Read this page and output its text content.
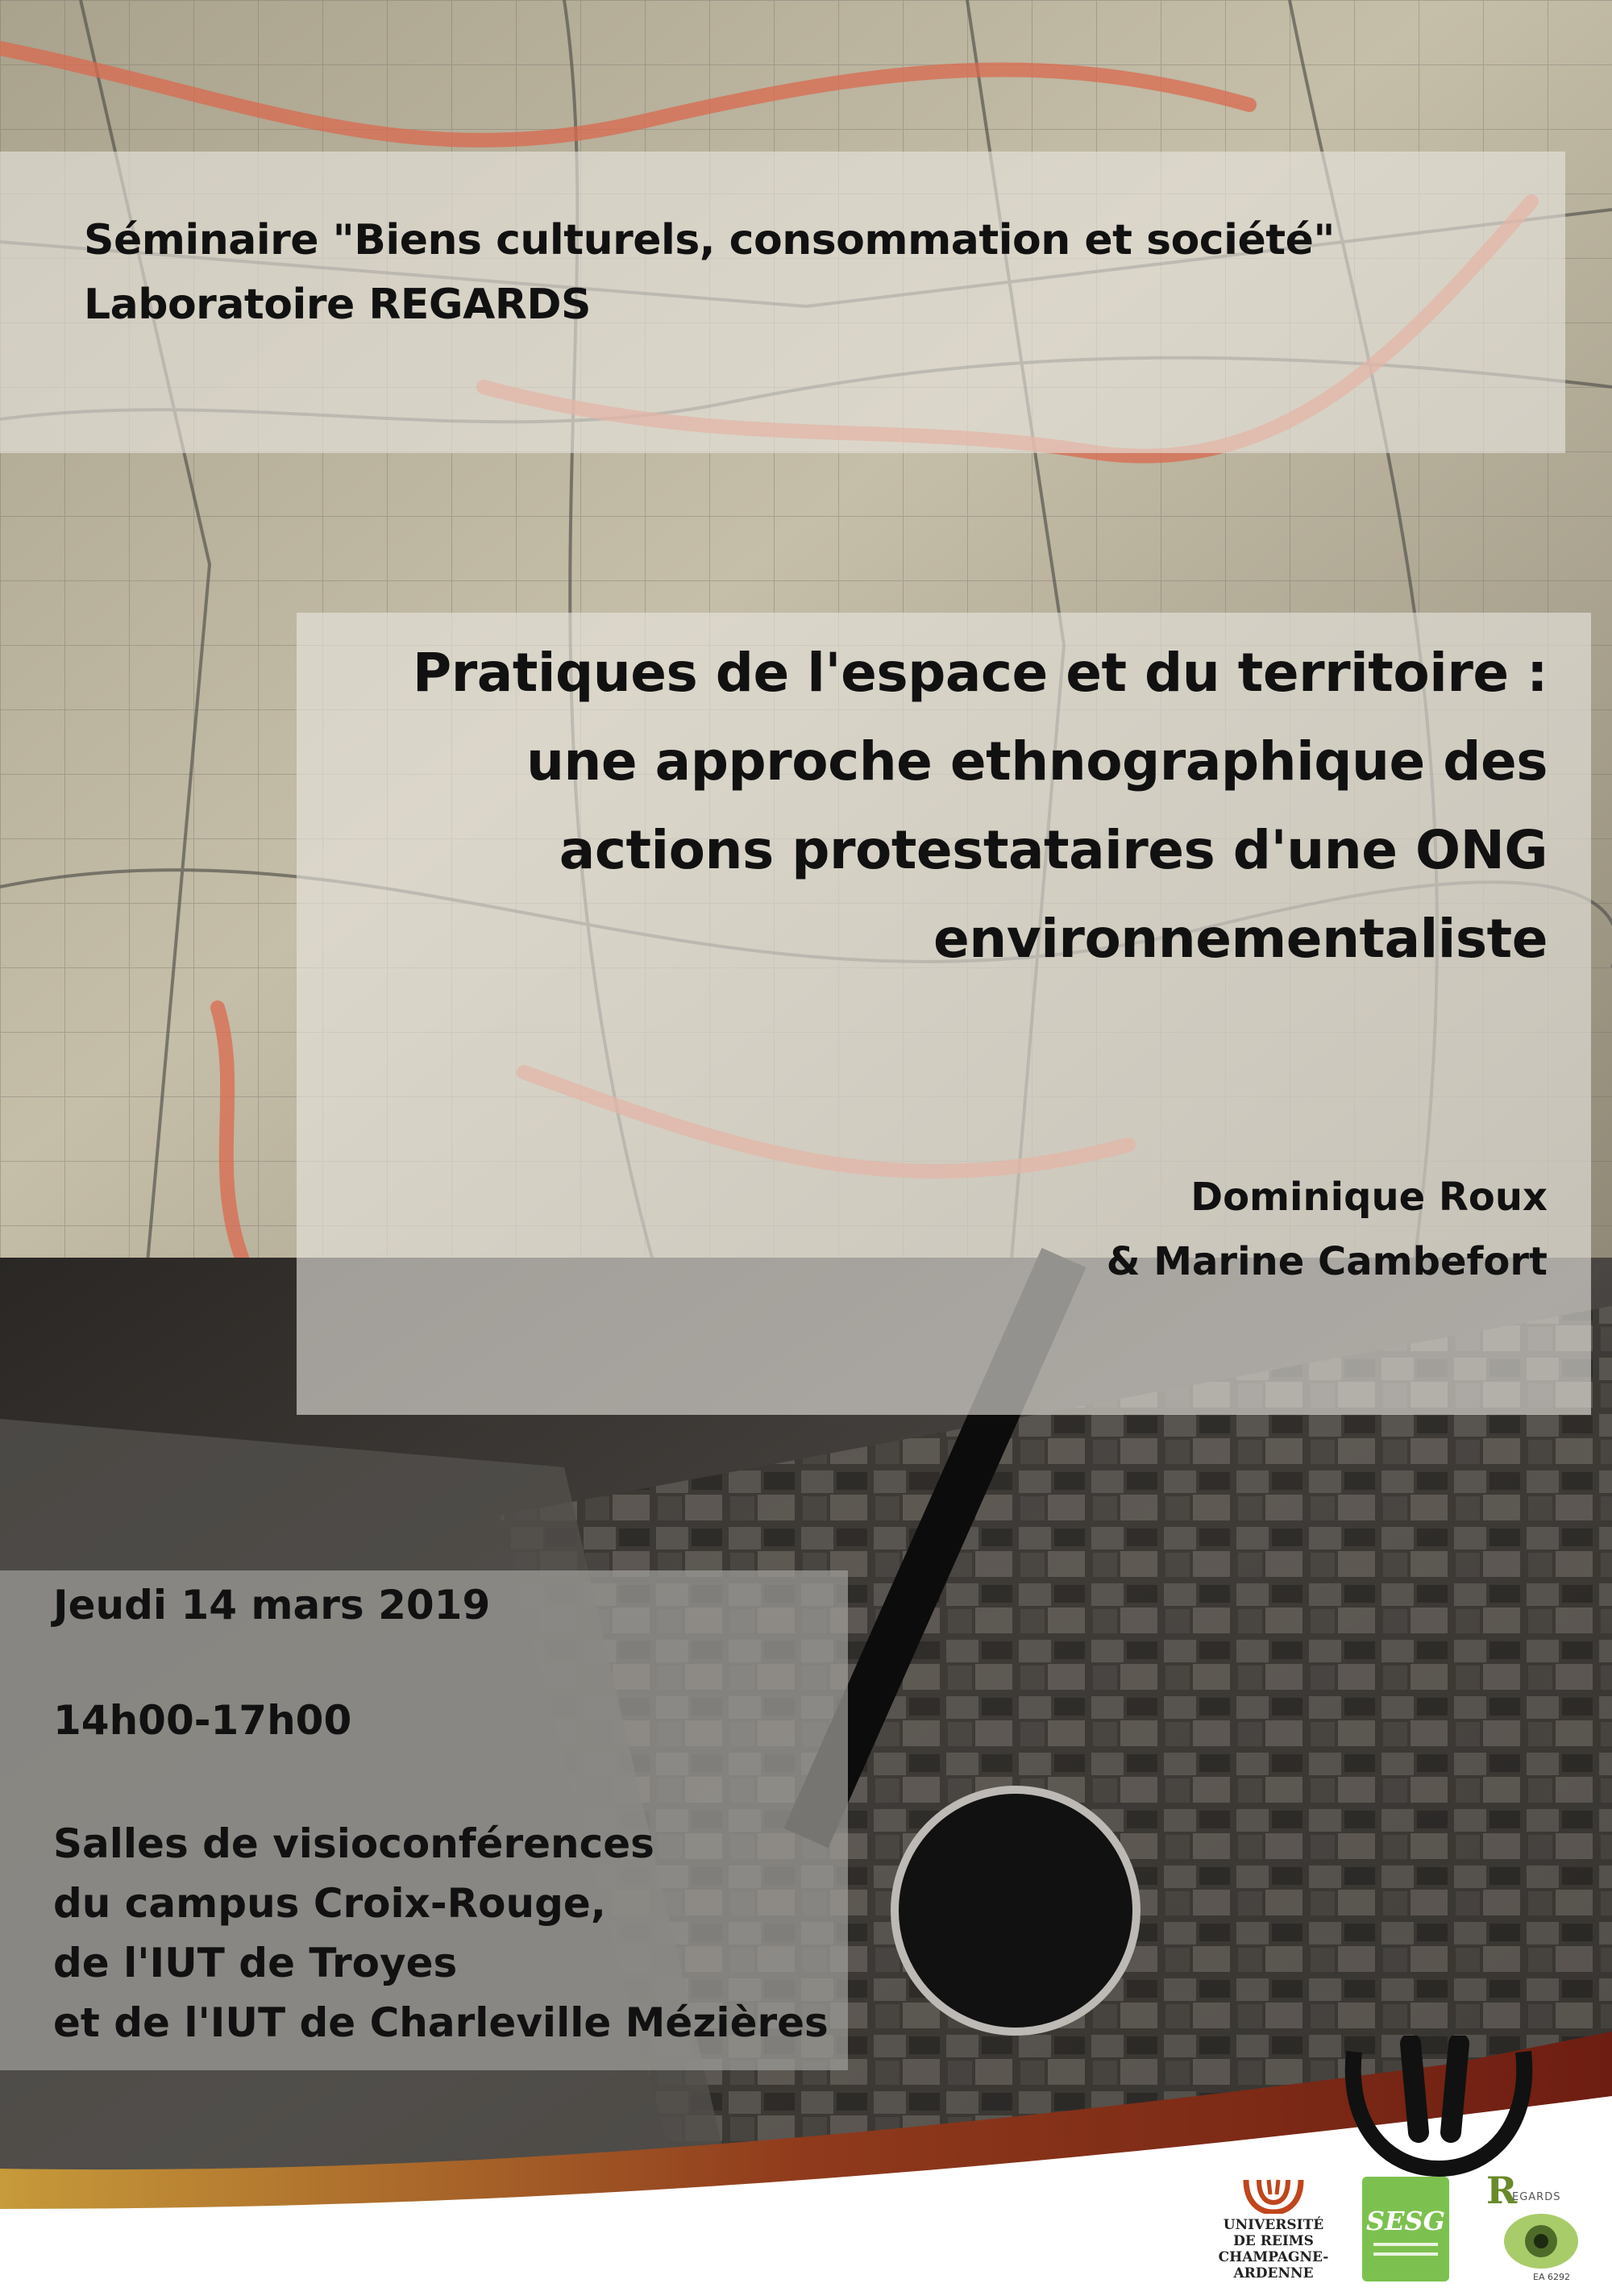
Séminaire "Biens culturels, consommation et société"
Laboratoire REGARDS
Pratiques de l'espace et du territoire :
une approche ethnographique des
actions protestataires d'une ONG
environnementaliste
Dominique Roux
& Marine Cambefort
Jeudi 14 mars 2019
14h00-17h00
Salles de visioconférences
du campus Croix-Rouge,
de l'IUT de Troyes
et de l'IUT de Charleville Mézières
UNIVERSITÉ
DE REIMS
CHAMPAGNE-ARDENNE
SESG
R
EGARDS
EA 6292
